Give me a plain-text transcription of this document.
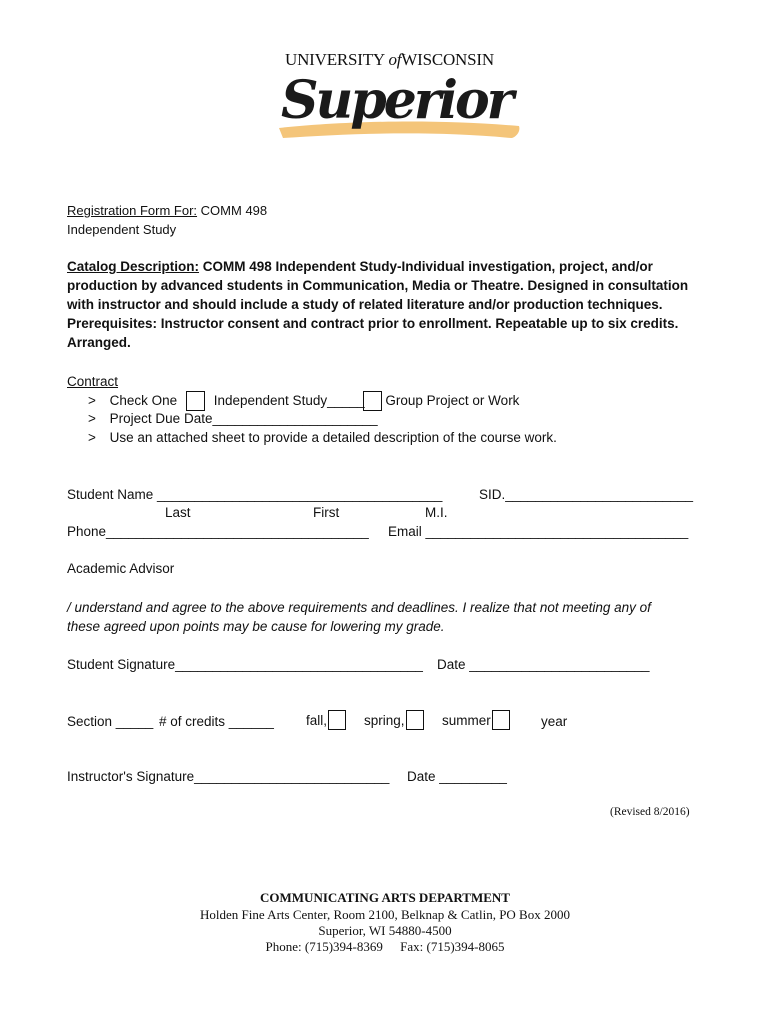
UNIVERSITY ofWISCONSIN
Superior
Registration Form For: COMM 498
Independent Study
Catalog Description: COMM 498 Independent Study-Individual investigation, project, and/or
production by advanced students in Communication, Media or Theatre. Designed in consultation
with instructor and should include a study of related literature and/or production techniques.
Prerequisites: Instructor consent and contract prior to enrollment. Repeatable up to six credits.
Arranged.
Contract
> Check One	Independent Study_____ Group Project or Work
> Project Due Date______________________
> Use an attached sheet to provide a detailed description of the course work.
Student Name ______________________________________	SID._________________________
Last	First	M.I.
Phone___________________________________ Email ___________________________________
Academic Advisor
/ understand and agree to the above requirements and deadlines. I realize that not meeting any of
these agreed upon points may be cause for lowering my grade.
Student Signature_________________________________ Date ________________________
Section _____ # of credits ______ fall,	spring,	summer	year
Instructor's Signature__________________________ Date _________
(Revised 8/2016)
COMMUNICATING ARTS DEPARTMENT
Holden Fine Arts Center, Room 2100, Belknap & Catlin, PO Box 2000
Superior, WI 54880-4500
Phone: (715)394-8369 Fax: (715)394-8065
